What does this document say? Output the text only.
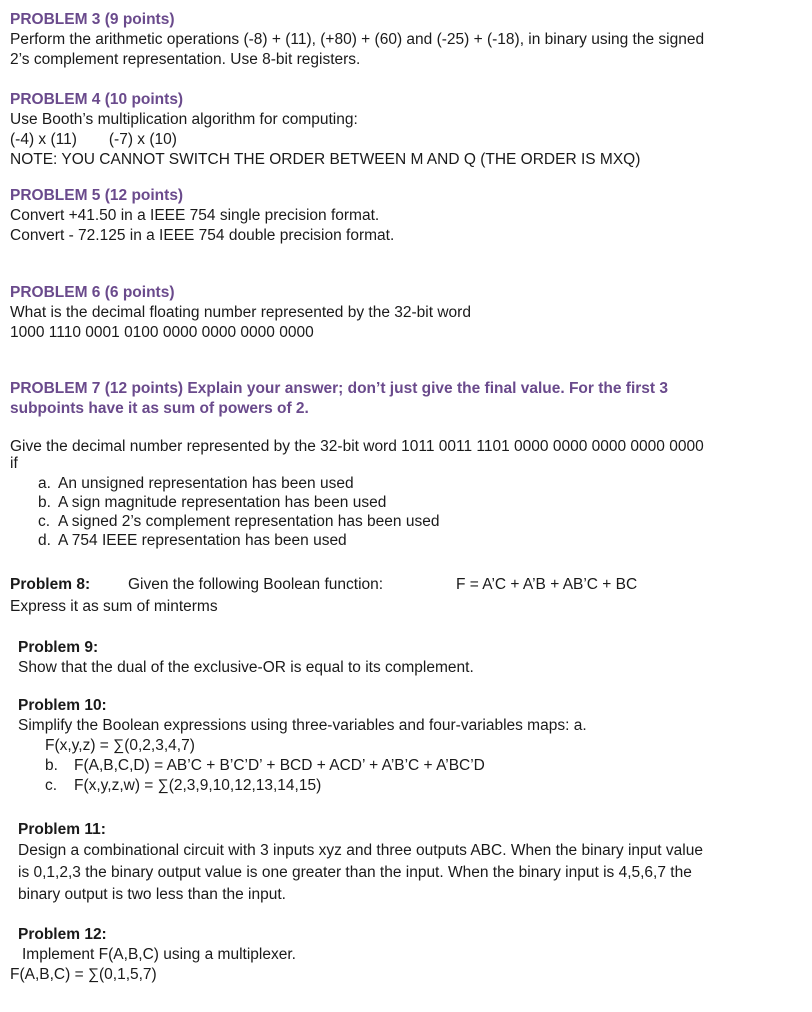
PROBLEM 3 (9 points)
Perform the arithmetic operations (-8) + (11), (+80) + (60) and (-25) + (-18), in binary using the signed
2’s complement representation. Use 8-bit registers.
PROBLEM 4 (10 points)
Use Booth’s multiplication algorithm for computing:
(-4) x (11) (-7) x (10)
NOTE: YOU CANNOT SWITCH THE ORDER BETWEEN M AND Q (THE ORDER IS MXQ)
PROBLEM 5 (12 points)
Convert +41.50 in a IEEE 754 single precision format.
Convert - 72.125 in a IEEE 754 double precision format.
PROBLEM 6 (6 points)
What is the decimal floating number represented by the 32-bit word
1000 1110 0001 0100 0000 0000 0000 0000
PROBLEM 7 (12 points) Explain your answer; don’t just give the final value. For the first 3
subpoints have it as sum of powers of 2.
Give the decimal number represented by the 32-bit word 1011 0011 1101 0000 0000 0000 0000 0000
if
a. An unsigned representation has been used
b. A sign magnitude representation has been used
c. A signed 2’s complement representation has been used
d. A 754 IEEE representation has been used
Problem 8: Given the following Boolean function:	F = A’C + A’B + AB’C + BC
Express it as sum of minterms
Problem 9:
Show that the dual of the exclusive-OR is equal to its complement.
Problem 10:
Simplify the Boolean expressions using three-variables and four-variables maps: a.
F(x,y,z) = ∑(0,2,3,4,7)
b. F(A,B,C,D) = AB’C + B’C’D’ + BCD + ACD’ + A’B’C + A’BC’D
c. F(x,y,z,w) = ∑(2,3,9,10,12,13,14,15)
Problem 11:
Design a combinational circuit with 3 inputs xyz and three outputs ABC. When the binary input value
is 0,1,2,3 the binary output value is one greater than the input. When the binary input is 4,5,6,7 the
binary output is two less than the input.
Problem 12:
Implement F(A,B,C) using a multiplexer.
F(A,B,C) = ∑(0,1,5,7)
